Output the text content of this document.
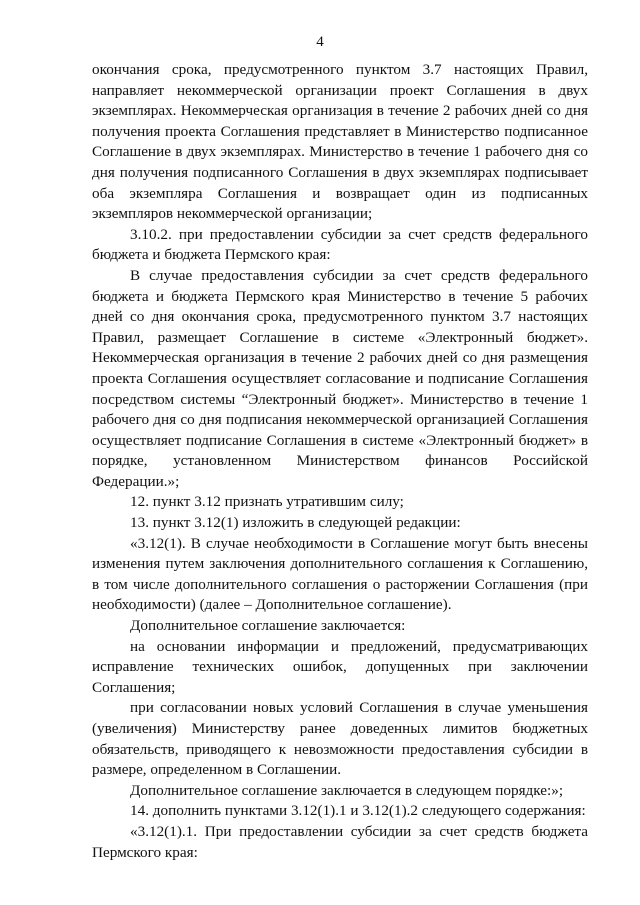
4

окончания срока, предусмотренного пунктом 3.7 настоящих Правил, направляет некоммерческой организации проект Соглашения в двух экземплярах. Некоммерческая организация в течение 2 рабочих дней со дня получения проекта Соглашения представляет в Министерство подписанное Соглашение в двух экземплярах. Министерство в течение 1 рабочего дня со дня получения подписанного Соглашения в двух экземплярах подписывает оба экземпляра Соглашения и возвращает один из подписанных экземпляров некоммерческой организации;

3.10.2. при предоставлении субсидии за счет средств федерального бюджета и бюджета Пермского края:

В случае предоставления субсидии за счет средств федерального бюджета и бюджета Пермского края Министерство в течение 5 рабочих дней со дня окончания срока, предусмотренного пунктом 3.7 настоящих Правил, размещает Соглашение в системе «Электронный бюджет». Некоммерческая организация в течение 2 рабочих дней со дня размещения проекта Соглашения осуществляет согласование и подписание Соглашения посредством системы “Электронный бюджет». Министерство в течение 1 рабочего дня со дня подписания некоммерческой организацией Соглашения осуществляет подписание Соглашения в системе «Электронный бюджет» в порядке, установленном Министерством финансов Российской Федерации.»;

12. пункт 3.12 признать утратившим силу;

13. пункт 3.12(1) изложить в следующей редакции:

«3.12(1). В случае необходимости в Соглашение могут быть внесены изменения путем заключения дополнительного соглашения к Соглашению, в том числе дополнительного соглашения о расторжении Соглашения (при необходимости) (далее – Дополнительное соглашение).

Дополнительное соглашение заключается:

на основании информации и предложений, предусматривающих исправление технических ошибок, допущенных при заключении Соглашения;

при согласовании новых условий Соглашения в случае уменьшения (увеличения) Министерству ранее доведенных лимитов бюджетных обязательств, приводящего к невозможности предоставления субсидии в размере, определенном в Соглашении.

Дополнительное соглашение заключается в следующем порядке:»;

14. дополнить пунктами 3.12(1).1 и 3.12(1).2 следующего содержания:

«3.12(1).1. При предоставлении субсидии за счет средств бюджета Пермского края:
